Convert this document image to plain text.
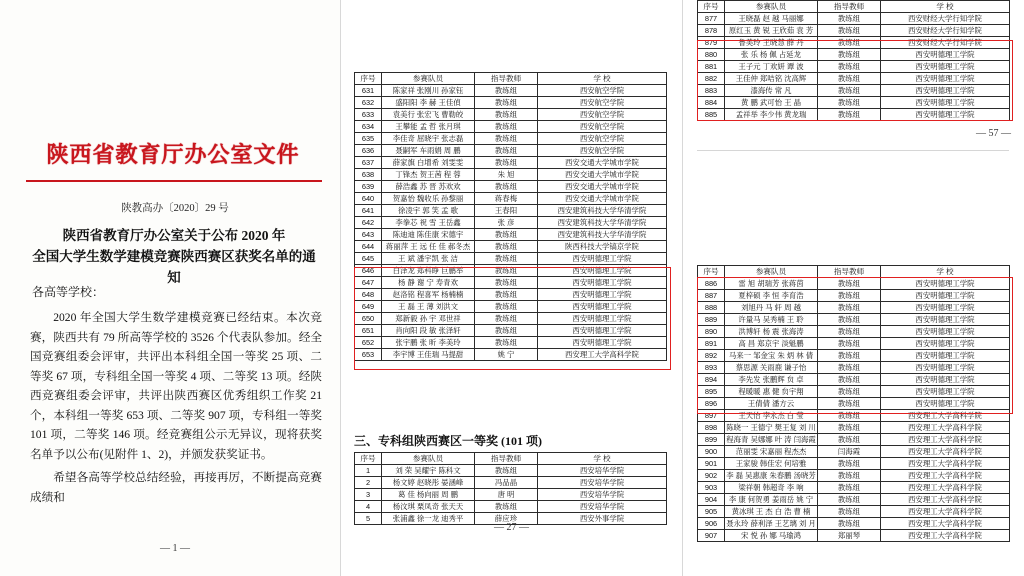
陕西省教育厅办公室文件
陕教高办〔2020〕29 号
陕西省教育厅办公室关于公布 2020 年
全国大学生数学建模竞赛陕西赛区获奖名单的通知
各高等学校：

2020 年全国大学生数学建模竞赛已经结束。本次竞赛，陕西共有 79 所高等学校的 3526 个代表队参加。经全国竞赛组委会评审，共评出本科组全国一等奖 25 项、二等奖 67 项，专科组全国一等奖 4 项、二等奖 13 项。经陕西竞赛组委会评审，共评出陕西赛区优秀组织工作奖 21 个，本科组一等奖 653 项、二等奖 907 项，专科组一等奖 101 项，二等奖 146 项。经竞赛组公示无异议，现将获奖名单予以公布(见附件 1、2)，并颁发获奖证书。

希望各高等学校总结经验，再接再厉，不断提高竞赛成绩和

— 1 —
序号	参赛队员	指导教师	学 校
631	陈家祥 张刚川 孙家钰	教练组	西安航空学院
632	盛阳阳 李 赫 王佳偵	教练组	西安航空学院
633	袁美行 张宏飞 曹勒皎	教练组	西安航空学院
634	王攀能 孟 哲 张月琪	教练组	西安航空学院
635	李佳奇 屈晓宇 张志磊	教练组	西安航空学院
636	聂嗣军 车雨娟 周 鹏	教练组	西安航空学院
637	薛家旗 白增希 刘雯雯	教练组	西安交通大学城市学院
638	丁锋杰 贺王茜 程 蓉	朱 旭	西安交通大学城市学院
639	薛浩鑫 苏 晋 苏欢欢	教练组	西安交通大学城市学院
640	贺嘉怡 魏收乐 孙黎丽	蒋春梅	西安交通大学城市学院
641	徐凌宇 郭 笑 孟 歌	王春阳	西安建筑科技大学华清学院
642	李拳芯 祝 雪 王岳鑫	张 彦	西安建筑科技大学华清学院
643	陈迪迪 陈佳康 宋德宇	教练组	西安建筑科技大学华清学院
644	蒋丽萍 王 远 任 佳 郝冬杰	教练组	陕西科技大学镐京学院
645	王 斌 潘宇凯 张 洁	教练组	西安明德理工学院
646	白泽龙 郑科睁 巨鹏举	教练组	西安明德理工学院
647	杨 静 谢 宁 寿青欢	教练组	西安明德理工学院
648	赵洛铭 程喜军 杨楠楠	教练组	西安明德理工学院
649	王 磊 王 薄 刘洪文	教练组	西安明德理工学院
650	郑新毅 孙 宇 邓世祥	教练组	西安明德理工学院
651	肖向阳 段 敏 张泽轩	教练组	西安明德理工学院
652	张宇鹏 张 昕 李美玲	教练组	西安明德理工学院
653	李宇博 王佳瑞 马提甜	姚 宁	西安理工大学高科学院
三、专科组陕西赛区一等奖 (101 项)
序号	参赛队员	指导教师	学 校
1	刘 荣 吴耀宇 陈科文	教练组	西安培华学院
2	杨文婷 赵晓彤 晏涵峰	冯品晶	西安培华学院
3	葛 佳 杨向丽 周 鹏	唐 明	西安培华学院
4	杨汶琪 栗凤奇 张天天	教练组	西安培华学院
5	张浦鑫 徐一龙 迪秀平	薛应珍	西安外事学院
— 27 —
序号	参赛队员	指导教师	学 校
877	王晓磊 赵 越 马丽娜	教练组	西安财经大学行知学院
878	原红玉 黄 锐 王欣茹 袁 芳	教练组	西安财经大学行知学院
879	鲁美玲 王晓慧 薛 丹	教练组	西安财经大学行知学院
880	张 乐 杨 佩 占延龙	教练组	西安明德理工学院
881	王子元 丁欢妍 谭 波	教练组	西安明德理工学院
882	王佳仲 郑咭铭 沈高辉	教练组	西安明德理工学院
883	漆海传 常 凡	教练组	西安明德理工学院
884	黄 鹏 武可怡 王 晶	教练组	西安明德理工学院
885	孟祥举 李少伟 黄龙瑞	教练组	西安明德理工学院
— 57 —
序号	参赛队员	指导教师	学 校
886	雷 旭 胡瑞芳 张蒋茵	教练组	西安明德理工学院
887	夏梓硕 李 恒 李育浩	教练组	西安明德理工学院
888	刘旭丹 马 轩 周 越	教练组	西安明德理工学院
889	许量马 吴秀楠 王 聆	教练组	西安明德理工学院
890	洪博轩 杨 震 张海涛	教练组	西安明德理工学院
891	高 昌 郑京宇 淡魁鹏	教练组	西安明德理工学院
892	马来一 邹金宝 朱 炳 林 倩	教练组	西安明德理工学院
893	蔡思源 关雨鹿 谦子怡	教练组	西安明德理工学院
894	李先发 张鹏辉 贠 卓	教练组	西安明德理工学院
895	程暖暖 惠 健 贠宇翔	教练组	西安明德理工学院
896	王倩倩 潘方云	教练组	西安明德理工学院
897	王天怡 李永杰 白 莹	教练组	西安理工大学高科学院
898	陈晓一 王德宁 樊王复 刘 川	教练组	西安理工大学高科学院
899	程海青 吴娜娜 叶 涛 闫海霞	教练组	西安理工大学高科学院
900	范丽雯 宋嘉丽 程杰杰	闫海霞	西安理工大学高科学院
901	王家骏 韩佳宏 何培雅	教练组	西安理工大学高科学院
902	李 磊 吴惠康 朱春鹏 汤晓芳	教练组	西安理工大学高科学院
903	梁祥朝 韩超奇 李 响	教练组	西安理工大学高科学院
904	李 康 何贺勇 姜雨岳 姚 宁	教练组	西安理工大学高科学院
905	黄冰琪 王 杰 白 浩 曹 楠	教练组	西安理工大学高科学院
906	聂永玲 薛利泽 王艺璃 刘 月	教练组	西安理工大学高科学院
907	宋 悦 孙 娜 马瑜鸿	郑丽琴	西安理工大学高科学院
